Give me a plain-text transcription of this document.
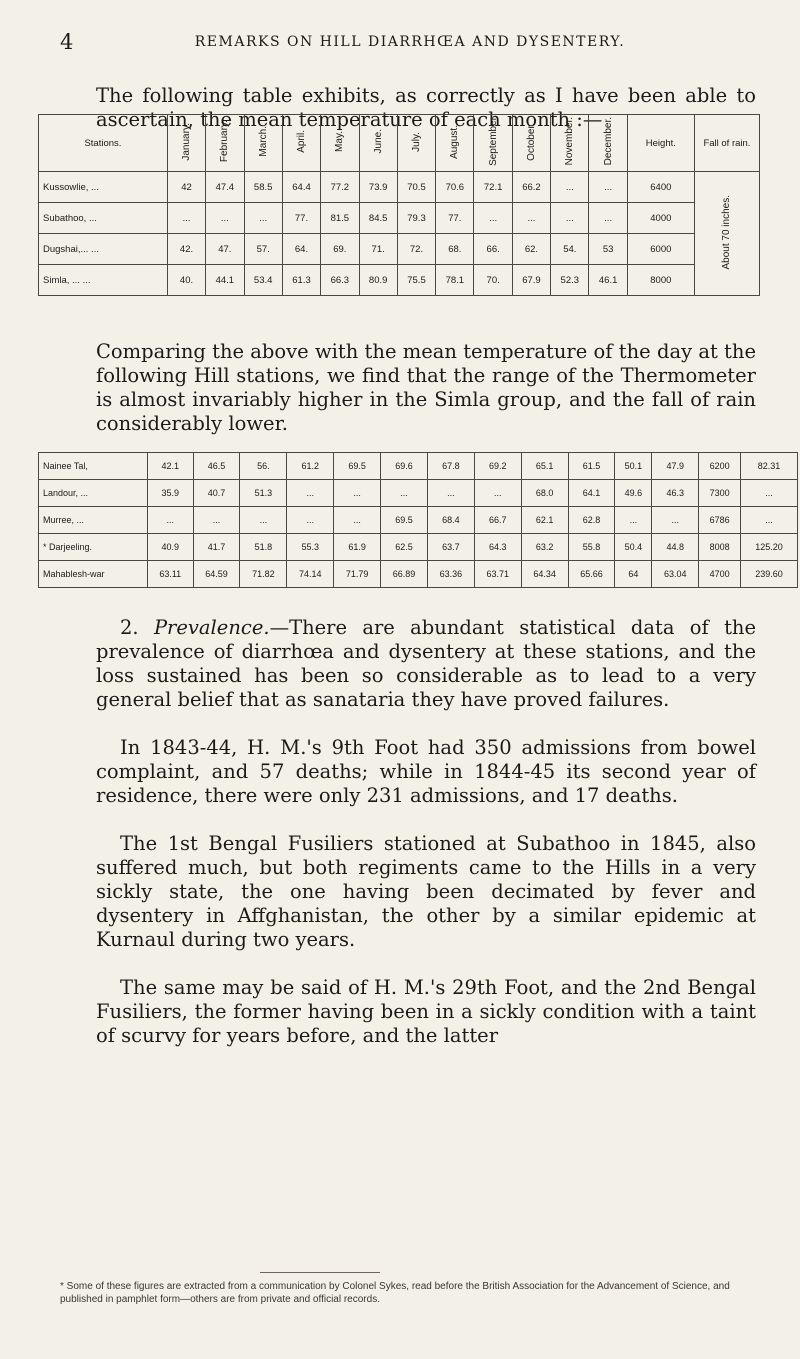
4	REMARKS ON HILL DIARRHŒA AND DYSENTERY.

The following table exhibits, as correctly as I have been able to ascertain, the mean temperature of each month :—

Stations.	January.	February.	March.	April.	May.	June.	July.	August.	September	October.	November.	December.	Height.	Fall of rain.
Kussowlie, ...	42	47.4	58.5	64.4	77.2	73.9	70.5	70.6	72.1	66.2	...	...	6400	About 70 inches.
Subathoo, ...	...	...	...	77.	81.5	84.5	79.3	77.	...	...	...	...	4000	
Dugshai,... ...	42.	47.	57.	64.	69.	71.	72.	68.	66.	62.	54.	53	6000	
Simla, ... ...	40.	44.1	53.4	61.3	66.3	80.9	75.5	78.1	70.	67.9	52.3	46.1	8000	

Comparing the above with the mean temperature of the day at the following Hill stations, we find that the range of the Thermometer is almost invariably higher in the Simla group, and the fall of rain considerably lower.

Nainee Tal,	42.1	46.5	56.	61.2	69.5	69.6	67.8	69.2	65.1	61.5	50.1	47.9	6200	82.31
Landour, ...	35.9	40.7	51.3	...	...	...	...	...	68.0	64.1	49.6	46.3	7300	...
Murree, ...	...	...	...	...	...	69.5	68.4	66.7	62.1	62.8	...	...	6786	...
* Darjeeling.	40.9	41.7	51.8	55.3	61.9	62.5	63.7	64.3	63.2	55.8	50.4	44.8	8008	125.20
Mahablesh-war	63.11	64.59	71.82	74.14	71.79	66.89	63.36	63.71	64.34	65.66	64	63.04	4700	239.60

2. Prevalence.—There are abundant statistical data of the prevalence of diarrhœa and dysentery at these stations, and the loss sustained has been so considerable as to lead to a very general belief that as sanataria they have proved failures.

In 1843-44, H. M.'s 9th Foot had 350 admissions from bowel complaint, and 57 deaths; while in 1844-45 its second year of residence, there were only 231 admissions, and 17 deaths.

The 1st Bengal Fusiliers stationed at Subathoo in 1845, also suffered much, but both regiments came to the Hills in a very sickly state, the one having been decimated by fever and dysentery in Affghanistan, the other by a similar epidemic at Kurnaul during two years.

The same may be said of H. M.'s 29th Foot, and the 2nd Bengal Fusiliers, the former having been in a sickly condition with a taint of scurvy for years before, and the latter

* Some of these figures are extracted from a communication by Colonel Sykes, read before the British Association for the Advancement of Science, and published in pamphlet form—others are from private and official records.
